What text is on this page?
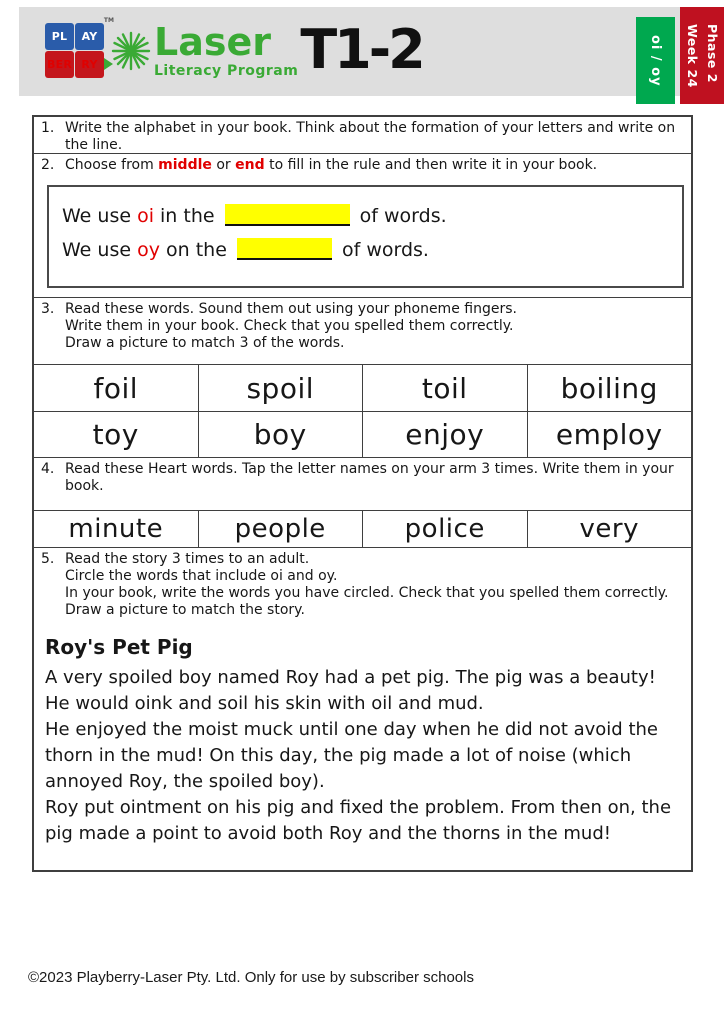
PL	AY
BER RY
TM Laser
Literacy Program T1-2	oi / oy	Phase 2
Week 24
1. Write the alphabet in your book. Think about the formation of your letters and write on the line.
2. Choose from middle or end to fill in the rule and then write it in your book.
We use oi in the	of words.
We use oy on the	of words.
3. Read these words. Sound them out using your phoneme fingers.
Write them in your book. Check that you spelled them correctly.
Draw a picture to match 3 of the words.
foil	spoil	toil	boiling
toy	boy	enjoy	employ
4. Read these Heart words. Tap the letter names on your arm 3 times. Write them in your book.
minute	people	police	very
5. Read the story 3 times to an adult.
Circle the words that include oi and oy.
In your book, write the words you have circled. Check that you spelled them correctly.
Draw a picture to match the story.
Roy's Pet Pig

A very spoiled boy named Roy had a pet pig. The pig was a beauty! He would oink and soil his skin with oil and mud.

He enjoyed the moist muck until one day when he did not avoid the thorn in the mud! On this day, the pig made a lot of noise (which annoyed Roy, the spoiled boy).

Roy put ointment on his pig and fixed the problem. From then on, the pig made a point to avoid both Roy and the thorns in the mud!

©2023 Playberry-Laser Pty. Ltd. Only for use by subscriber schools
